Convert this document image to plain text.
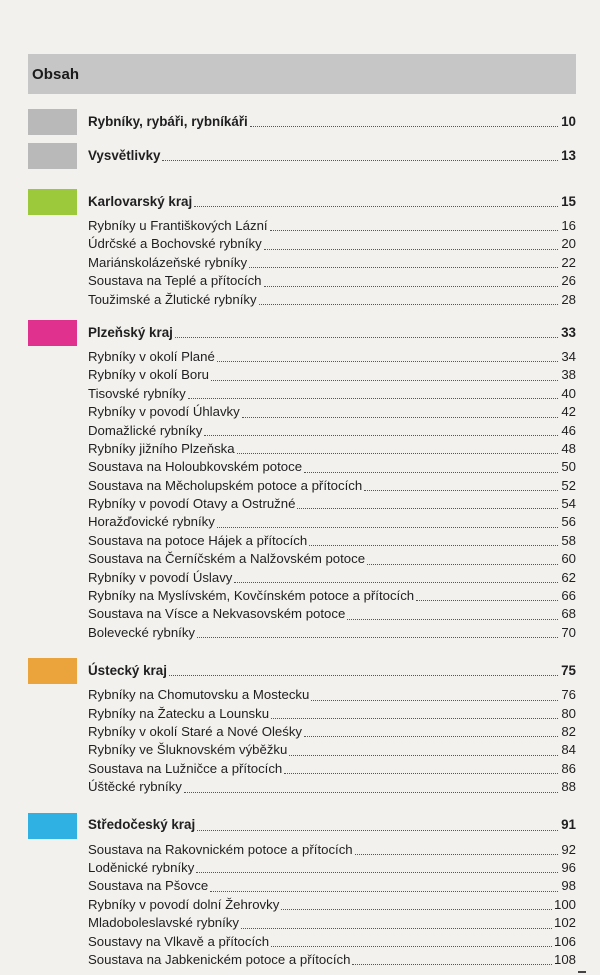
Obsah
Rybníky, rybáři, rybníkáři	10
Vysvětlivky	13
Karlovarský kraj	15
Rybníky u Františkových Lázní	16
Údrčské a Bochovské rybníky	20
Mariánskolázeňské rybníky	22
Soustava na Teplé a přítocích	26
Toužimské a Žlutické rybníky	28
Plzeňský kraj	33
Rybníky v okolí Plané	34
Rybníky v okolí Boru	38
Tisovské rybníky	40
Rybníky v povodí Úhlavky	42
Domažlické rybníky	46
Rybníky jižního Plzeňska	48
Soustava na Holoubkovském potoce	50
Soustava na Měcholupském potoce a přítocích	52
Rybníky v povodí Otavy a Ostružné	54
Horažďovické rybníky	56
Soustava na potoce Hájek a přítocích	58
Soustava na Černíčském a Nalžovském potoce	60
Rybníky v povodí Úslavy	62
Rybníky na Myslívském, Kovčínském potoce a přítocích	66
Soustava na Vísce a Nekvasovském potoce	68
Bolevecké rybníky	70
Ústecký kraj	75
Rybníky na Chomutovsku a Mostecku	76
Rybníky na Žatecku a Lounsku	80
Rybníky v okolí Staré a Nové Oleśky	82
Rybníky ve Šluknovském výběžku	84
Soustava na Lužničce a přítocích	86
Úštěcké rybníky	88
Středočeský kraj	91
Soustava na Rakovnickém potoce a přítocích	92
Loděnické rybníky	96
Soustava na Pšovce	98
Rybníky v povodí dolní Žehrovky	100
Mladoboleslavské rybníky	102
Soustavy na Vlkavě a přítocích	106
Soustava na Jabkenickém potoce a přítocích	108
